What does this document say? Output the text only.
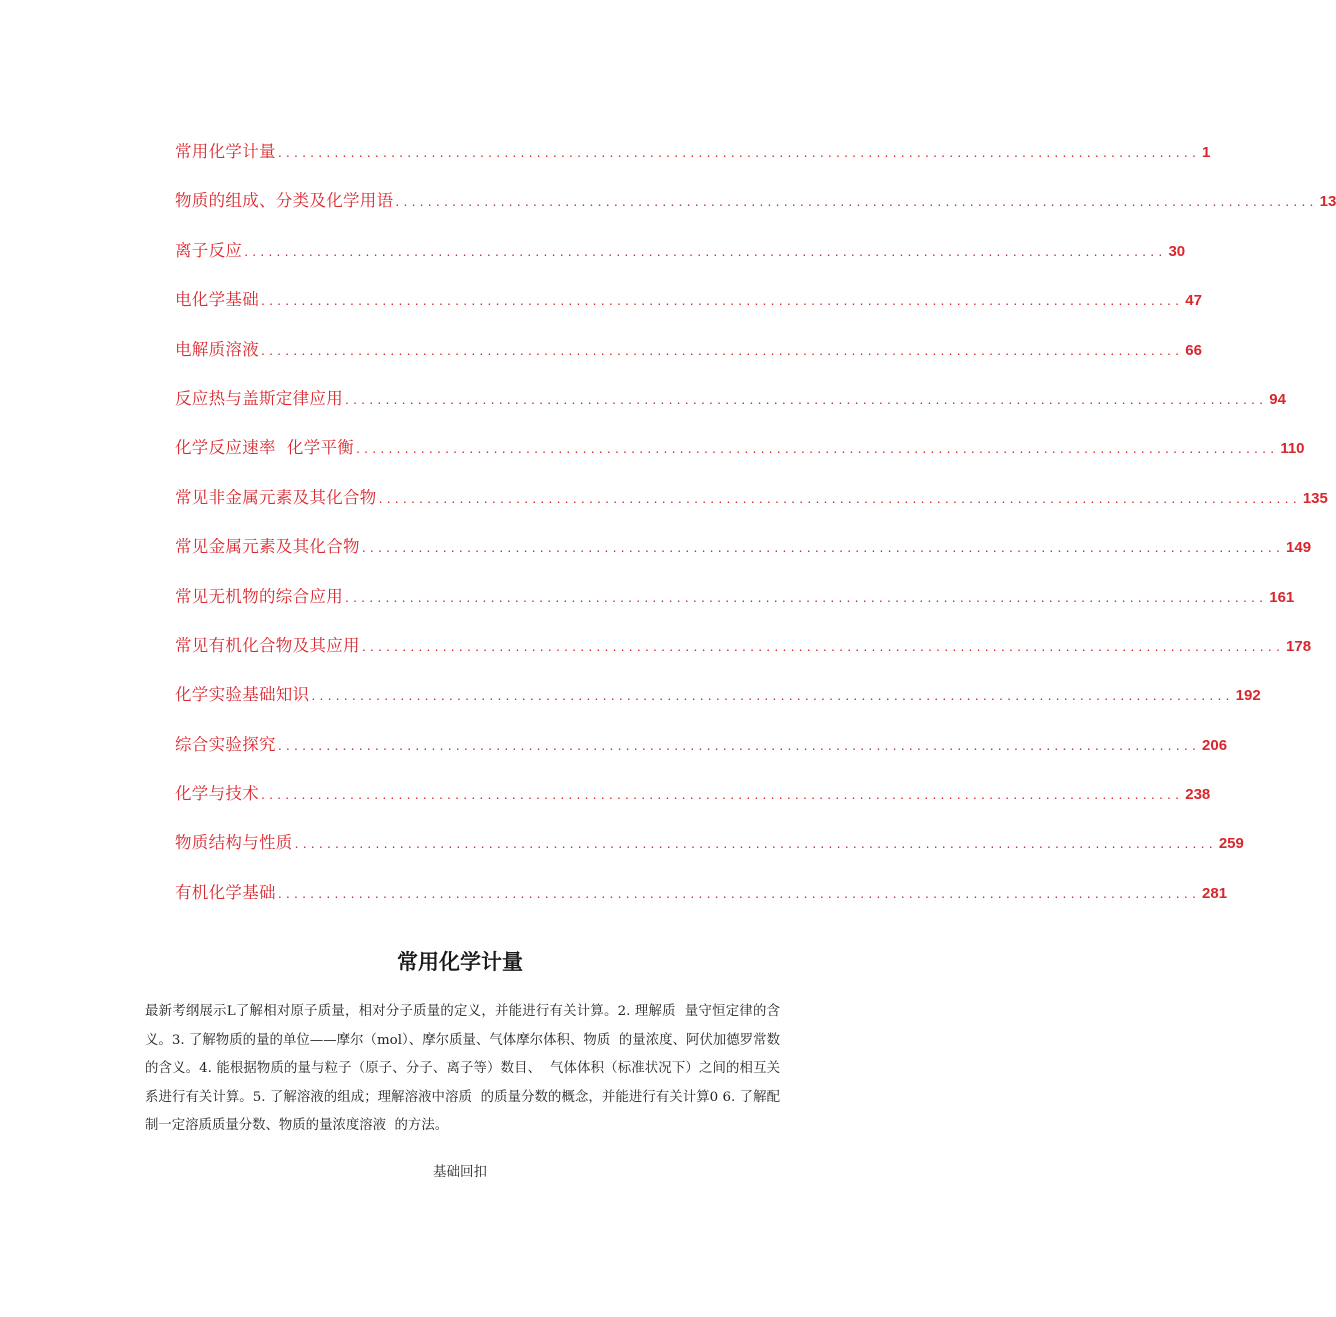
常用化学计量 .................................................................................................................. 1
物质的组成、分类及化学用语 .................................................................................................................. 13
离子反应 .................................................................................................................. 30
电化学基础 .................................................................................................................. 47
电解质溶液 .................................................................................................................. 66
反应热与盖斯定律应用 .................................................................................................................. 94
化学反应速率  化学平衡 .................................................................................................................. 110
常见非金属元素及其化合物 .................................................................................................................. 135
常见金属元素及其化合物 .................................................................................................................. 149
常见无机物的综合应用 .................................................................................................................. 161
常见有机化合物及其应用 .................................................................................................................. 178
化学实验基础知识 .................................................................................................................. 192
综合实验探究 .................................................................................................................. 206
化学与技术 .................................................................................................................. 238
物质结构与性质 .................................................................................................................. 259
有机化学基础 .................................................................................................................. 281
常用化学计量

最新考纲展示L了解相对原子质量，相对分子质量的定义，并能进行有关计算。2. 理解质  量守恒定律的含义。3. 了解物质的量的单位——摩尔（mol）、摩尔质量、气体摩尔体积、物质  的量浓度、阿伏加德罗常数的含义。4. 能根据物质的量与粒子（原子、分子、离子等）数目、  气体体积（标准状况下）之间的相互关系进行有关计算。5. 了解溶液的组成；理解溶液中溶质  的质量分数的概念，并能进行有关计算0 6. 了解配制一定溶质质量分数、物质的量浓度溶液  的方法。

基础回扣
